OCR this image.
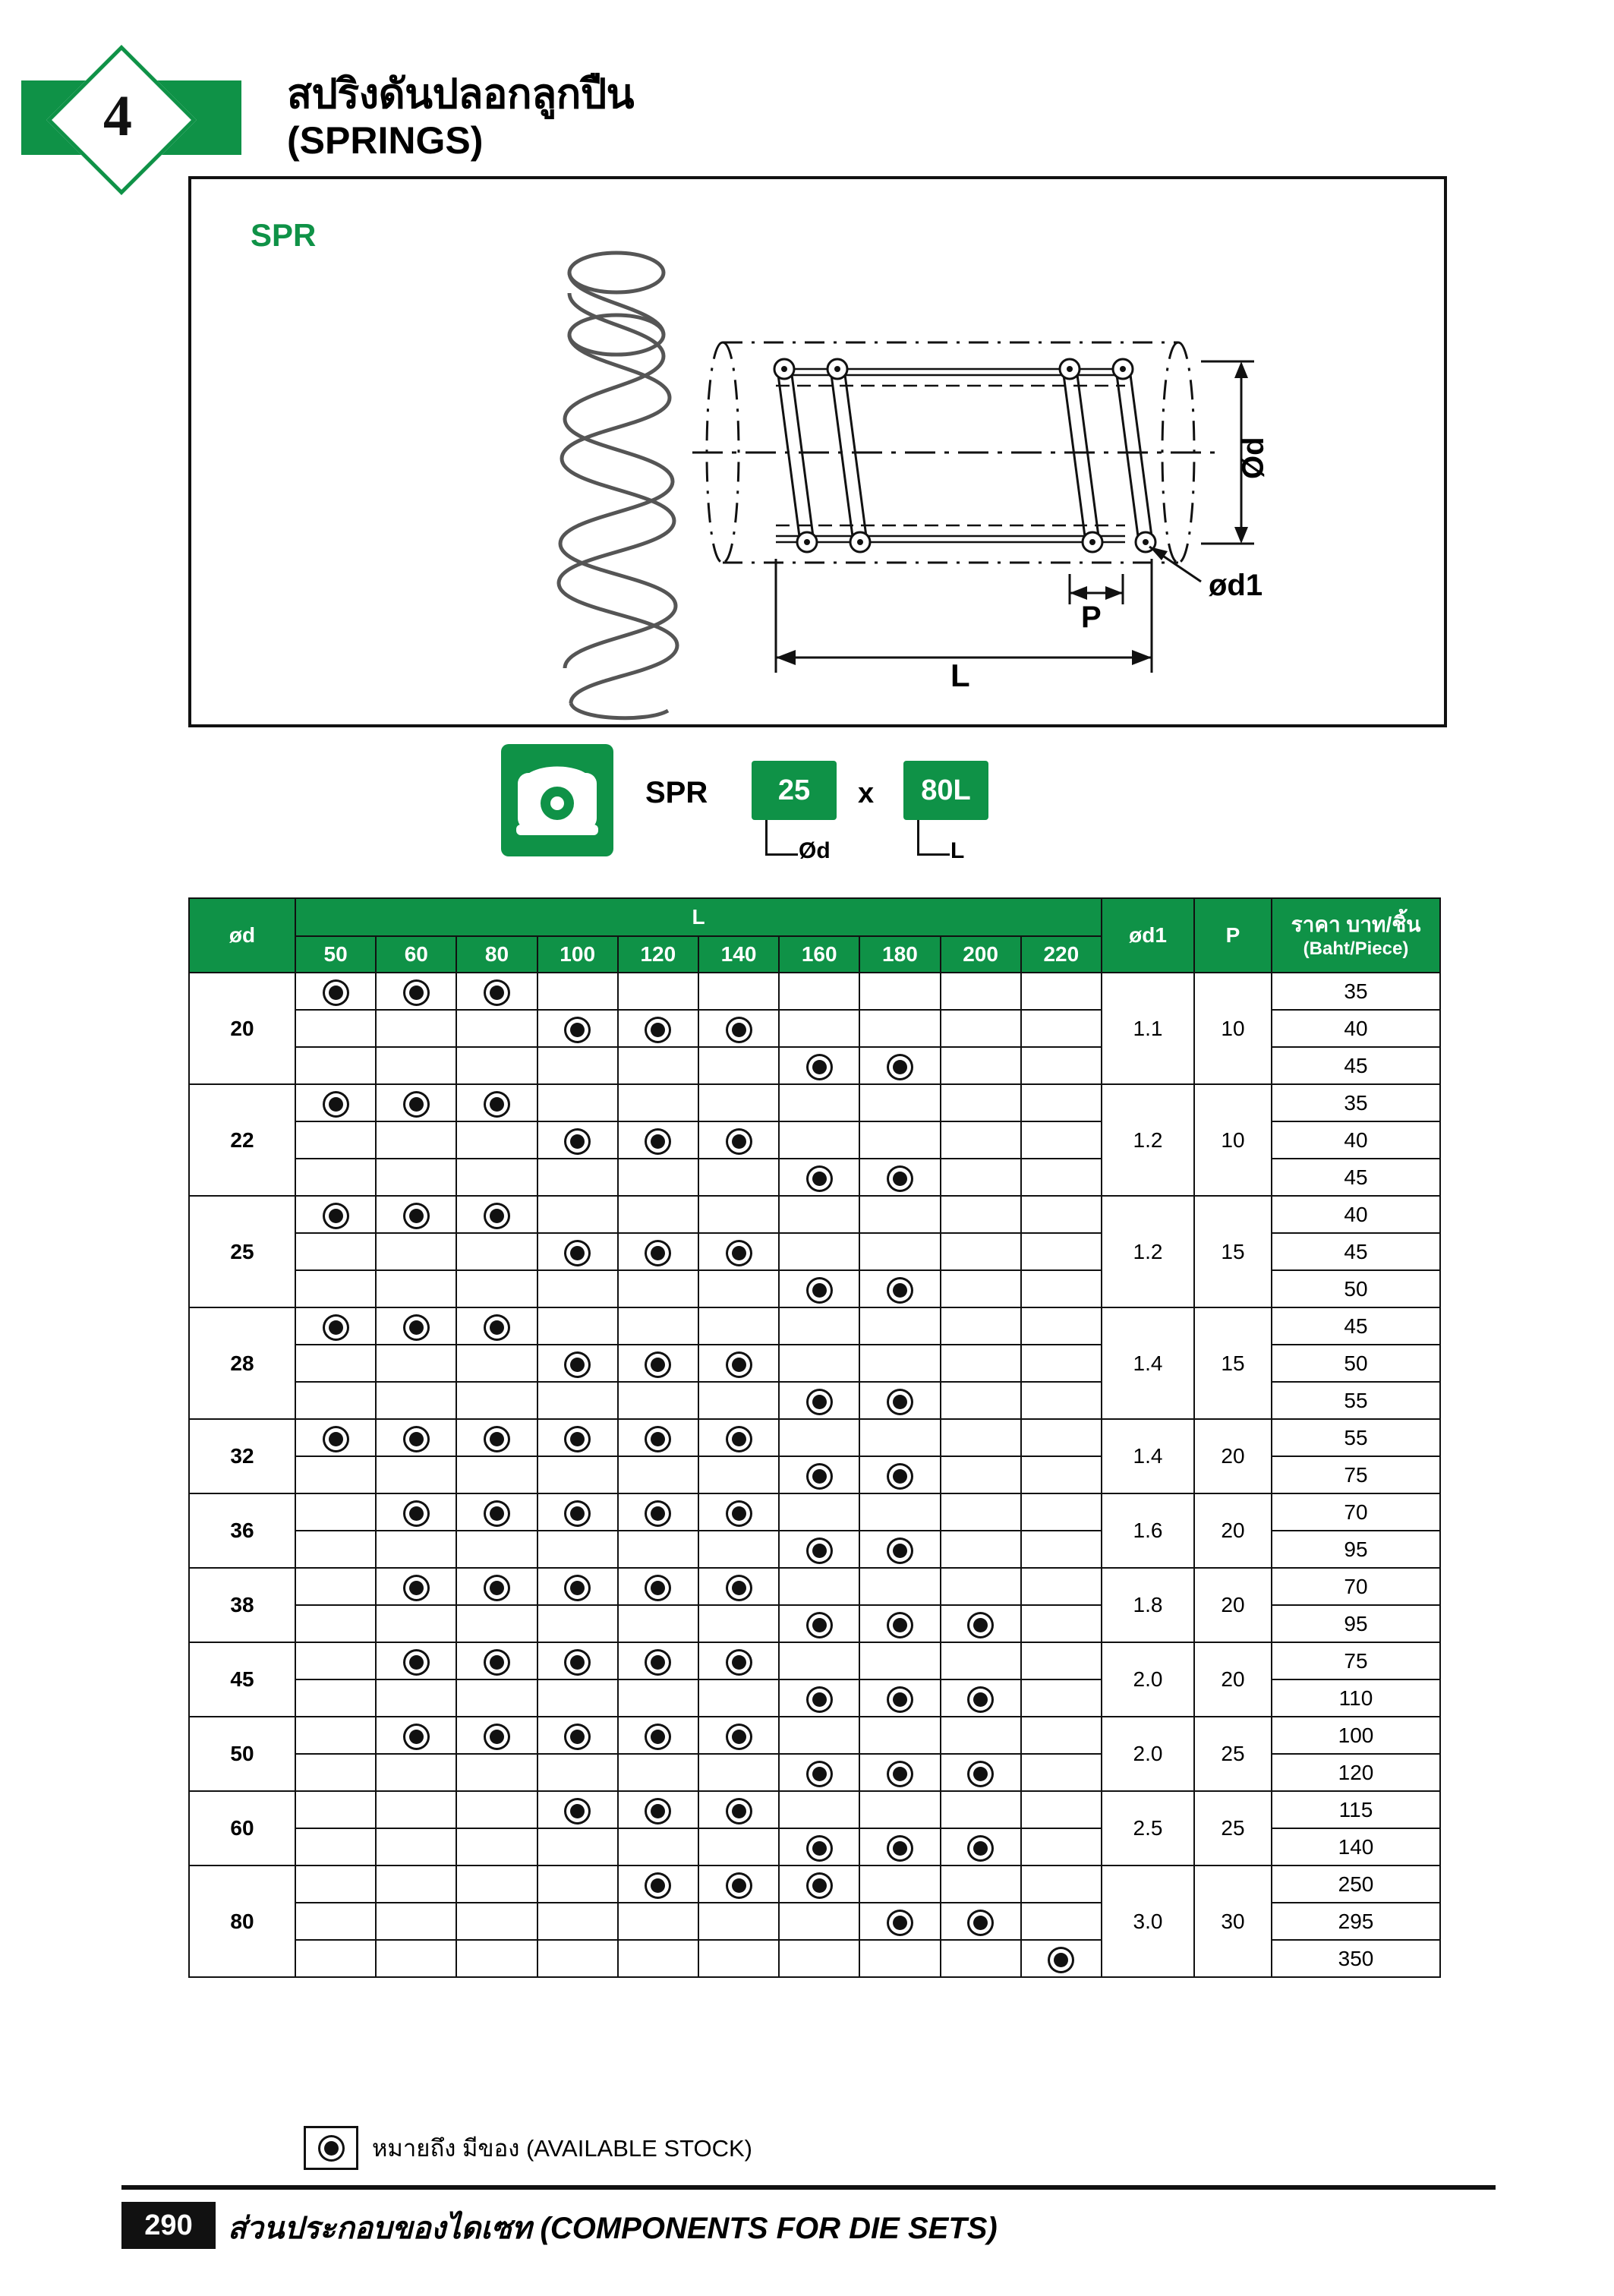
4	สปริงดันปลอกลูกปืน
(SPRINGS)
SPR
Ød
P
ød1
L
SPR	25	x	80L
Ød	L
ød	L										ød1	P	ราคา บาท/ชิ้น
(Baht/Piece)

	50	60	80	100	120	140	160	180	200	220			
20											1.1	10	35
													40
													45
22											1.2	10	35
													40
													45
25											1.2	15	40
													45
													50
28											1.4	15	45
													50
													55
32											1.4	20	55
													75
36											1.6	20	70
													95
38											1.8	20	70
													95
45											2.0	20	75
													110
50											2.0	25	100
													120
60											2.5	25	115
													140
80											3.0	30	250
													295
													350
หมายถึง มีของ (AVAILABLE STOCK)
290	ส่วนประกอบของไดเซท (COMPONENTS FOR DIE SETS)
